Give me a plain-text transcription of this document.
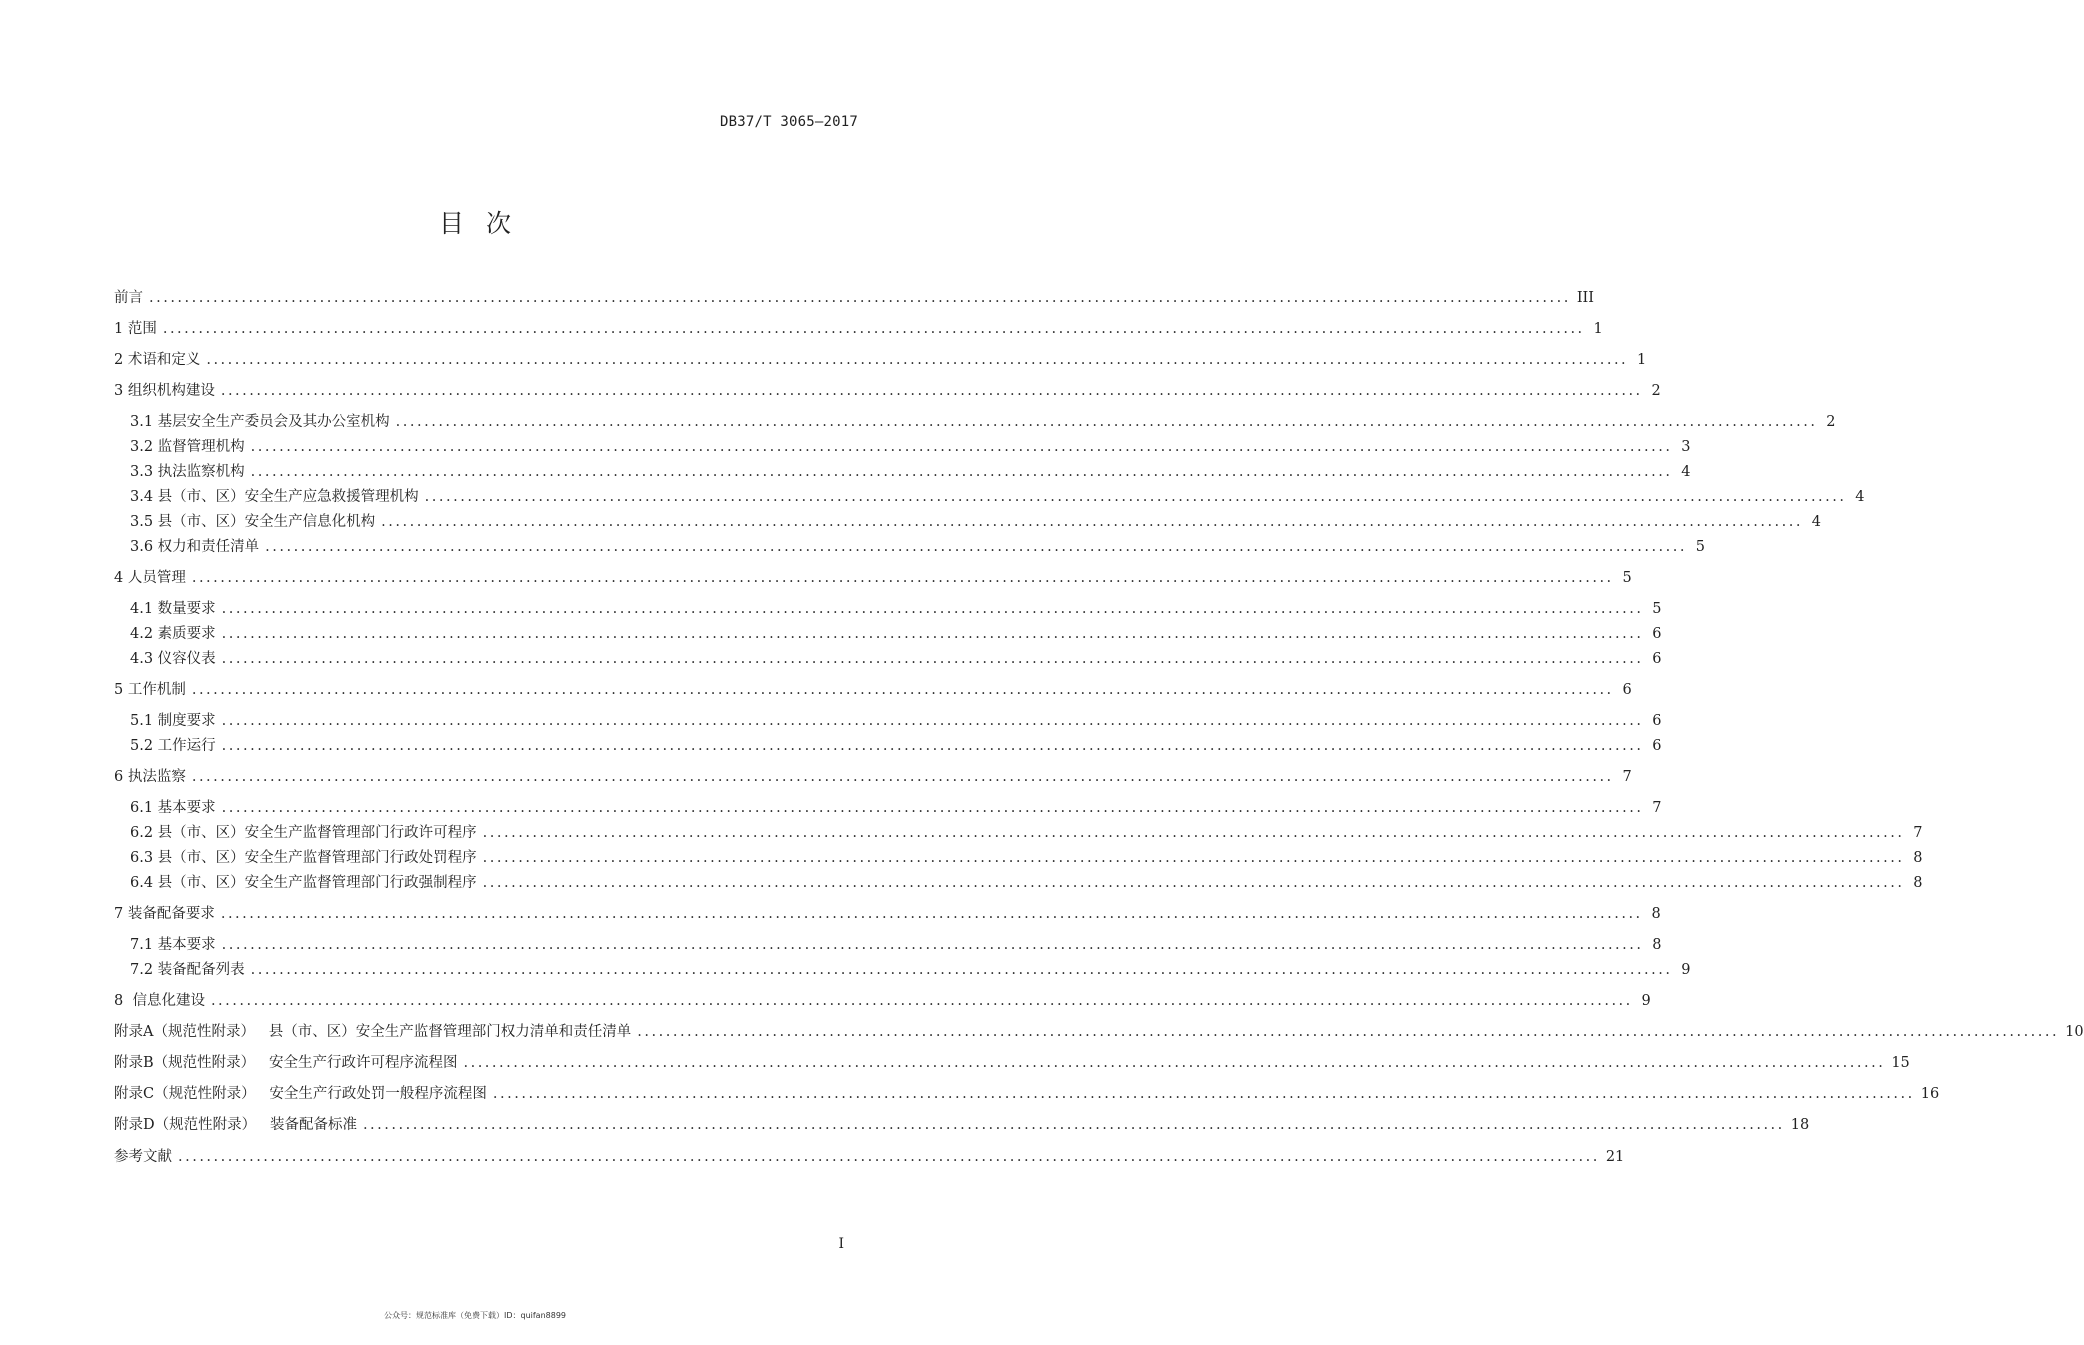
DB37/T 3065—2017
目次
前言 ........................................................................................................................................................................................................ III
1 范围 ........................................................................................................................................................................................................ 1
2 术语和定义 ........................................................................................................................................................................................................ 1
3 组织机构建设 ........................................................................................................................................................................................................ 2
3.1 基层安全生产委员会及其办公室机构 ........................................................................................................................................................................................................ 2
3.2 监督管理机构 ........................................................................................................................................................................................................ 3
3.3 执法监察机构 ........................................................................................................................................................................................................ 4
3.4 县（市、区）安全生产应急救援管理机构 ........................................................................................................................................................................................................ 4
3.5 县（市、区）安全生产信息化机构 ........................................................................................................................................................................................................ 4
3.6 权力和责任清单 ........................................................................................................................................................................................................ 5
4 人员管理 ........................................................................................................................................................................................................ 5
4.1 数量要求 ........................................................................................................................................................................................................ 5
4.2 素质要求 ........................................................................................................................................................................................................ 6
4.3 仪容仪表 ........................................................................................................................................................................................................ 6
5 工作机制 ........................................................................................................................................................................................................ 6
5.1 制度要求 ........................................................................................................................................................................................................ 6
5.2 工作运行 ........................................................................................................................................................................................................ 6
6 执法监察 ........................................................................................................................................................................................................ 7
6.1 基本要求 ........................................................................................................................................................................................................ 7
6.2 县（市、区）安全生产监督管理部门行政许可程序 ........................................................................................................................................................................................................ 7
6.3 县（市、区）安全生产监督管理部门行政处罚程序 ........................................................................................................................................................................................................ 8
6.4 县（市、区）安全生产监督管理部门行政强制程序 ........................................................................................................................................................................................................ 8
7 装备配备要求 ........................................................................................................................................................................................................ 8
7.1 基本要求 ........................................................................................................................................................................................................ 8
7.2 装备配备列表 ........................................................................................................................................................................................................ 9
8  信息化建设 ........................................................................................................................................................................................................ 9
附录A（规范性附录）   县（市、区）安全生产监督管理部门权力清单和责任清单 ........................................................................................................................................................................................................ 10
附录B（规范性附录）   安全生产行政许可程序流程图 ........................................................................................................................................................................................................ 15
附录C（规范性附录）   安全生产行政处罚一般程序流程图 ........................................................................................................................................................................................................ 16
附录D（规范性附录）   装备配备标准 ........................................................................................................................................................................................................ 18
参考文献 ........................................................................................................................................................................................................ 21
I
公众号：规范标准库（免费下载）ID：quifan8899
